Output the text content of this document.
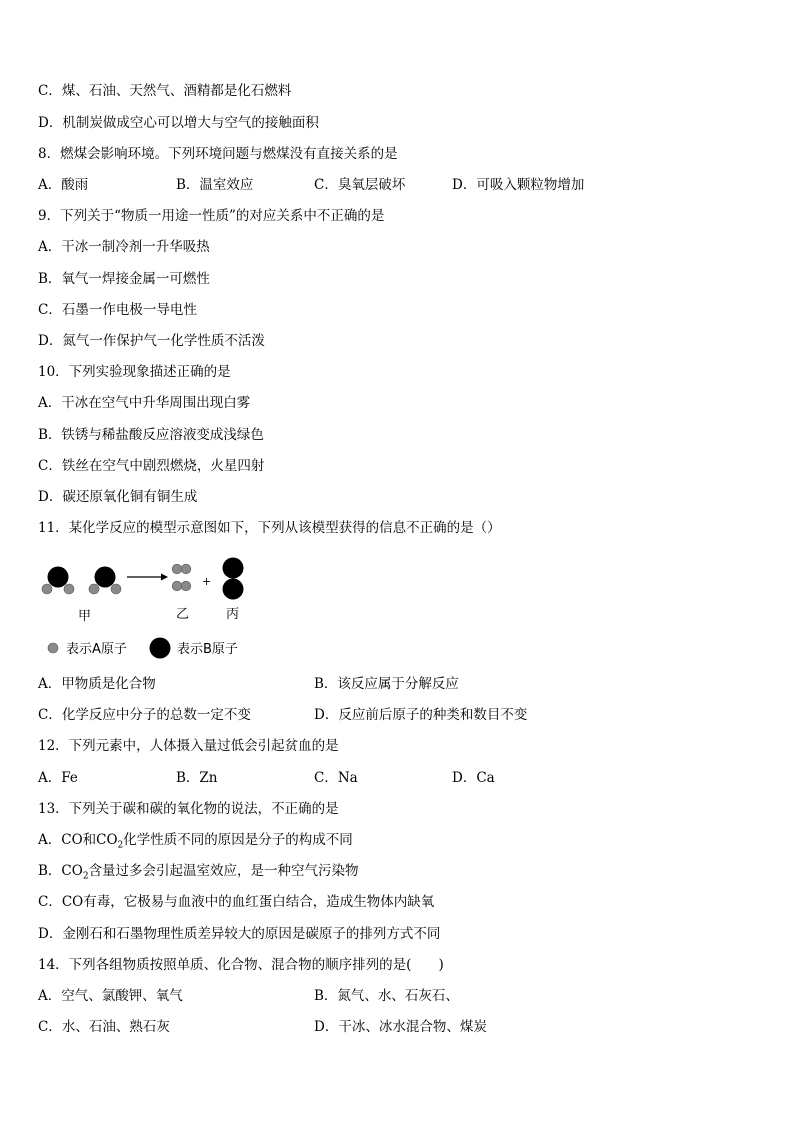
C．煤、石油、天然气、酒精都是化石燃料
D．机制炭做成空心可以增大与空气的接触面积
8．燃煤会影响环境。下列环境问题与燃煤没有直接关系的是
A．酸雨	B．温室效应	C．臭氧层破坏	D．可吸入颗粒物增加
9．下列关于“物质一用途一性质”的对应关系中不正确的是
A．干冰一制冷剂一升华吸热
B．氧气一焊接金属一可燃性
C．石墨一作电极一导电性
D．氮气一作保护气一化学性质不活泼
10．下列实验现象描述正确的是
A．干冰在空气中升华周围出现白雾
B．铁锈与稀盐酸反应溶液变成浅绿色
C．铁丝在空气中剧烈燃烧，火星四射
D．碳还原氧化铜有铜生成
11．某化学反应的模型示意图如下，下列从该模型获得的信息不正确的是（）
+
甲	乙	丙
表示A原子	表示B原子
A．甲物质是化合物	B．该反应属于分解反应
C．化学反应中分子的总数一定不变	D．反应前后原子的种类和数目不变
12．下列元素中，人体摄入量过低会引起贫血的是
A．Fe	B．Zn	C．Na	D．Ca
13．下列关于碳和碳的氧化物的说法，不正确的是
A．CO和$CO_2$化学性质不同的原因是分子的构成不同
B．$CO_2$含量过多会引起温室效应，是一种空气污染物
C．CO有毒，它极易与血液中的血红蛋白结合，造成生物体内缺氧
D．金刚石和石墨物理性质差异较大的原因是碳原子的排列方式不同
14．下列各组物质按照单质、化合物、混合物的顺序排列的是(　　)
A．空气、氯酸钾、氧气	B．氮气、水、石灰石、
C．水、石油、熟石灰	D．干冰、冰水混合物、煤炭
